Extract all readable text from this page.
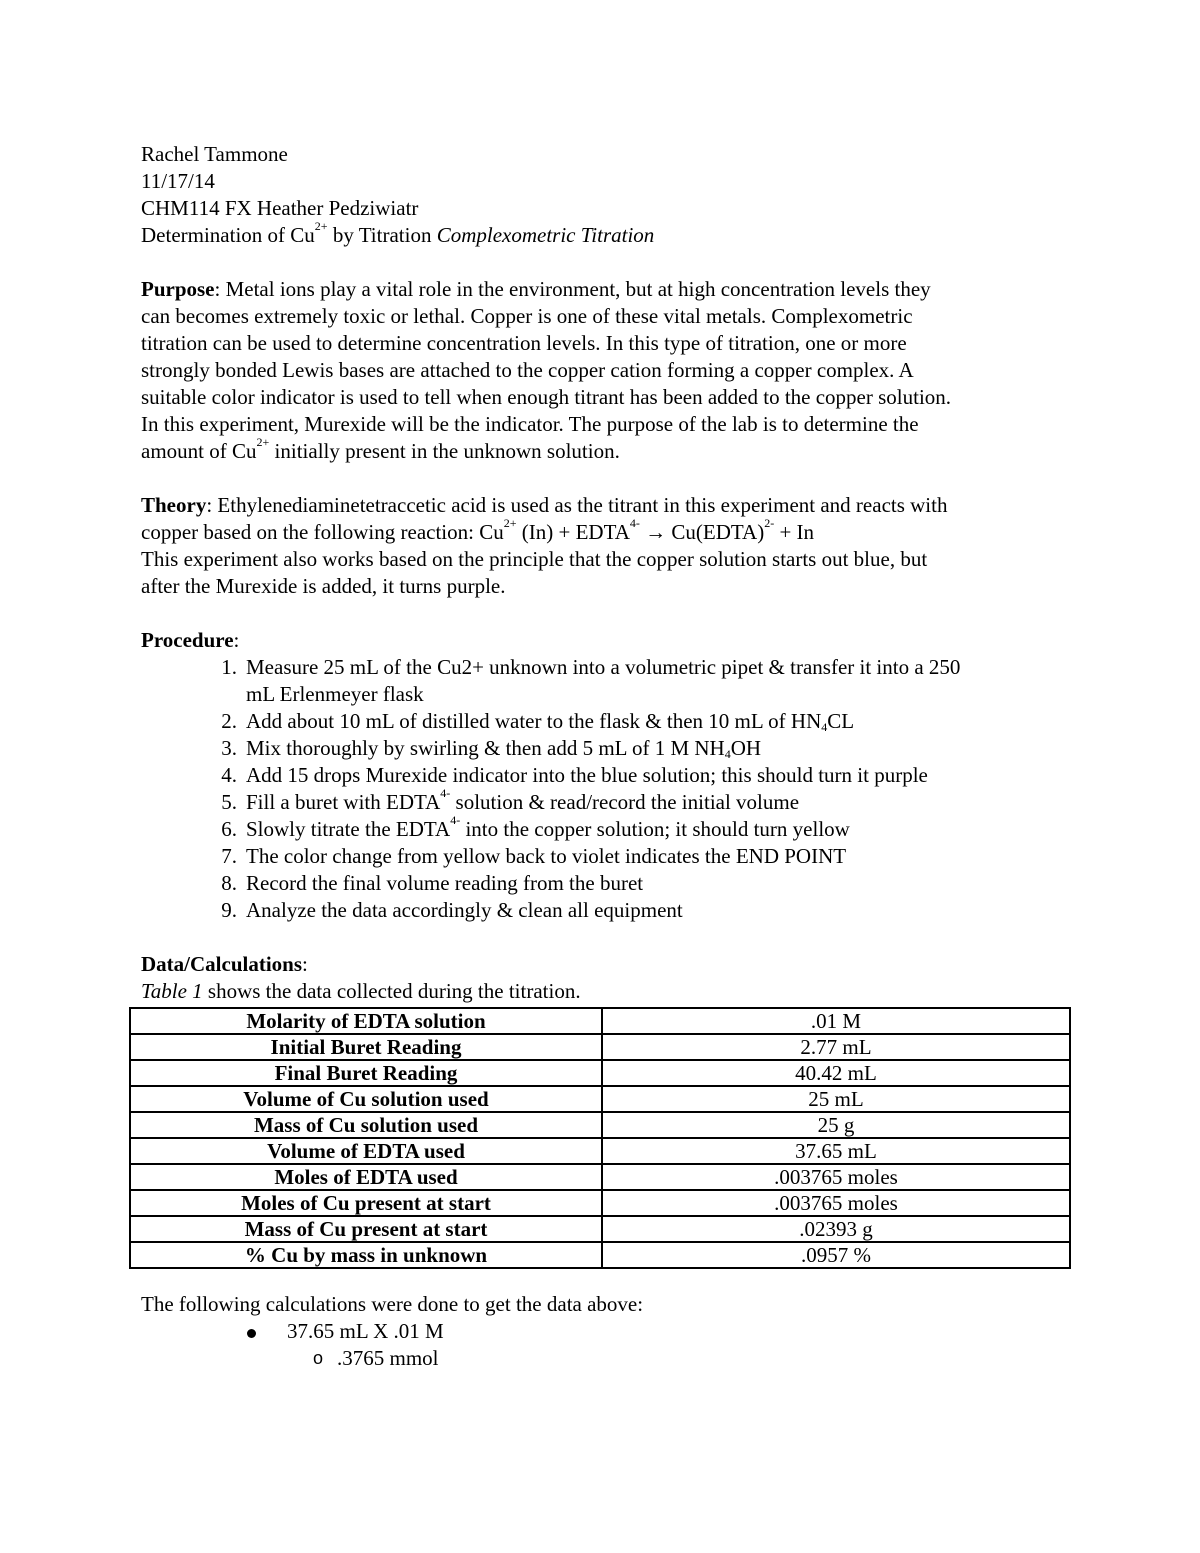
Rachel Tammone
11/17/14
CHM114 FX Heather Pedziwiatr
Determination of $Cu^{2+}$ by Titration Complexometric Titration
Purpose: Metal ions play a vital role in the environment, but at high concentration levels they
can becomes extremely toxic or lethal. Copper is one of these vital metals. Complexometric
titration can be used to determine concentration levels. In this type of titration, one or more
strongly bonded Lewis bases are attached to the copper cation forming a copper complex. A
suitable color indicator is used to tell when enough titrant has been added to the copper solution.
In this experiment, Murexide will be the indicator. The purpose of the lab is to determine the
amount of $Cu^{2+}$ initially present in the unknown solution.
Theory: Ethylenediaminetetraccetic acid is used as the titrant in this experiment and reacts with
copper based on the following reaction: $Cu^{2+}$ $(In) + EDTA^{4-}$ → Cu(EDTA)$^{2-}$ + In
This experiment also works based on the principle that the copper solution starts out blue, but
after the Murexide is added, it turns purple.
Procedure:
1. Measure 25 mL of the Cu2+ unknown into a volumetric pipet & transfer it into a 250
mL Erlenmeyer flask
2. Add about 10 mL of distilled water to the flask & then 10 mL of $HN_4CL$
3. Mix thoroughly by swirling & then add 5 mL of 1 M $NH_4OH$
4. Add 15 drops Murexide indicator into the blue solution; this should turn it purple
5. Fill a buret with $EDTA^{4-}$ solution & read/record the initial volume
6. Slowly titrate the $EDTA^{4-}$ into the copper solution; it should turn yellow
7. The color change from yellow back to violet indicates the END POINT
8. Record the final volume reading from the buret
9. Analyze the data accordingly & clean all equipment
Data/Calculations:
Table 1 shows the data collected during the titration.
Molarity of EDTA solution	.01 M
Initial Buret Reading	2.77 mL
Final Buret Reading	40.42 mL
Volume of Cu solution used	25 mL
Mass of Cu solution used	25 g
Volume of EDTA used	37.65 mL
Moles of EDTA used	.003765 moles
Moles of Cu present at start	.003765 moles
Mass of Cu present at start	.02393 g
% Cu by mass in unknown	.0957 %
The following calculations were done to get the data above:
37.65 mL X .01 M
o .3765 mmol
